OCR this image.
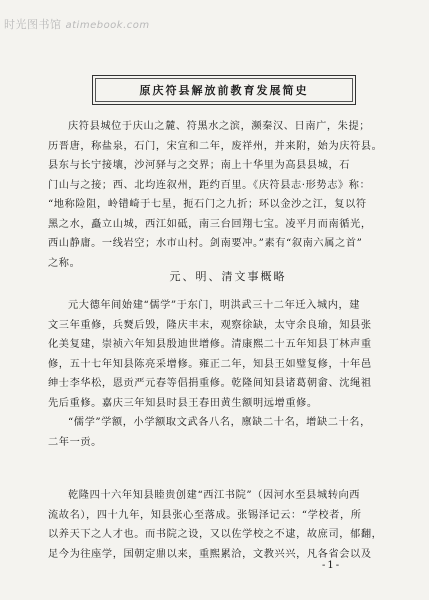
时光图书馆 atimebook.com
原庆符县解放前教育发展简史

庆符县城位于庆山之麓、符黑水之滨，濒秦汉、日南广，朱提；

历晋唐，称盐泉，石门，宋宣和二年，废祥州，并来附，始为庆符县。

县东与长宁接壤，沙河驿与之交界；南上十华里为高县县城，石

门山与之接；西、北均连叙州，距约百里。《庆符县志·形势志》称：

“地称险阻，岭错崎于七星，扼石门之九折；环以金沙之江，复以符

黑之水，矗立山城，西江如砥，南三台回翔七宝。凌平月而南循光，

西山静庸。一线岩空；水市山村。剑南要冲。”素有“叙南六属之首”

之称。

元、明、清文事概略

元大德年间始建“儒学”于东门，明洪武三十二年迁入城内，建

文三年重修，兵燹后毁，隆庆丰末，观察徐缺，太守余良瑜，知县张

化美复建，崇祯六年知县殷迪世增修。清康熙二十五年知县丁林声重

修，五十七年知县陈亮采增修。雍正二年，知县王如璧复修，十年邑

绅士李华松，恩贡严元春等倡捐重修。乾隆间知县诸葛朝畲、沈绳祖

先后重修。嘉庆三年知县时县王春田黄生额明远增重修。

“儒学”学额，小学额取文武各八名，廪缺二十名，增缺二十名，

二年一贡。

乾隆四十六年知县睦贵创建“西江书院”（因河水至县城转向西

流故名），四十九年，知县张心至落成。张锡泽记云：“学校者，所

以养天下之人才也。而书院之设，又以佐学校之不逮，故庶司，郁翻，

足今为往座学，国朝定鼎以来，重熙累洽，文教兴兴，凡各省会以及

-1-
